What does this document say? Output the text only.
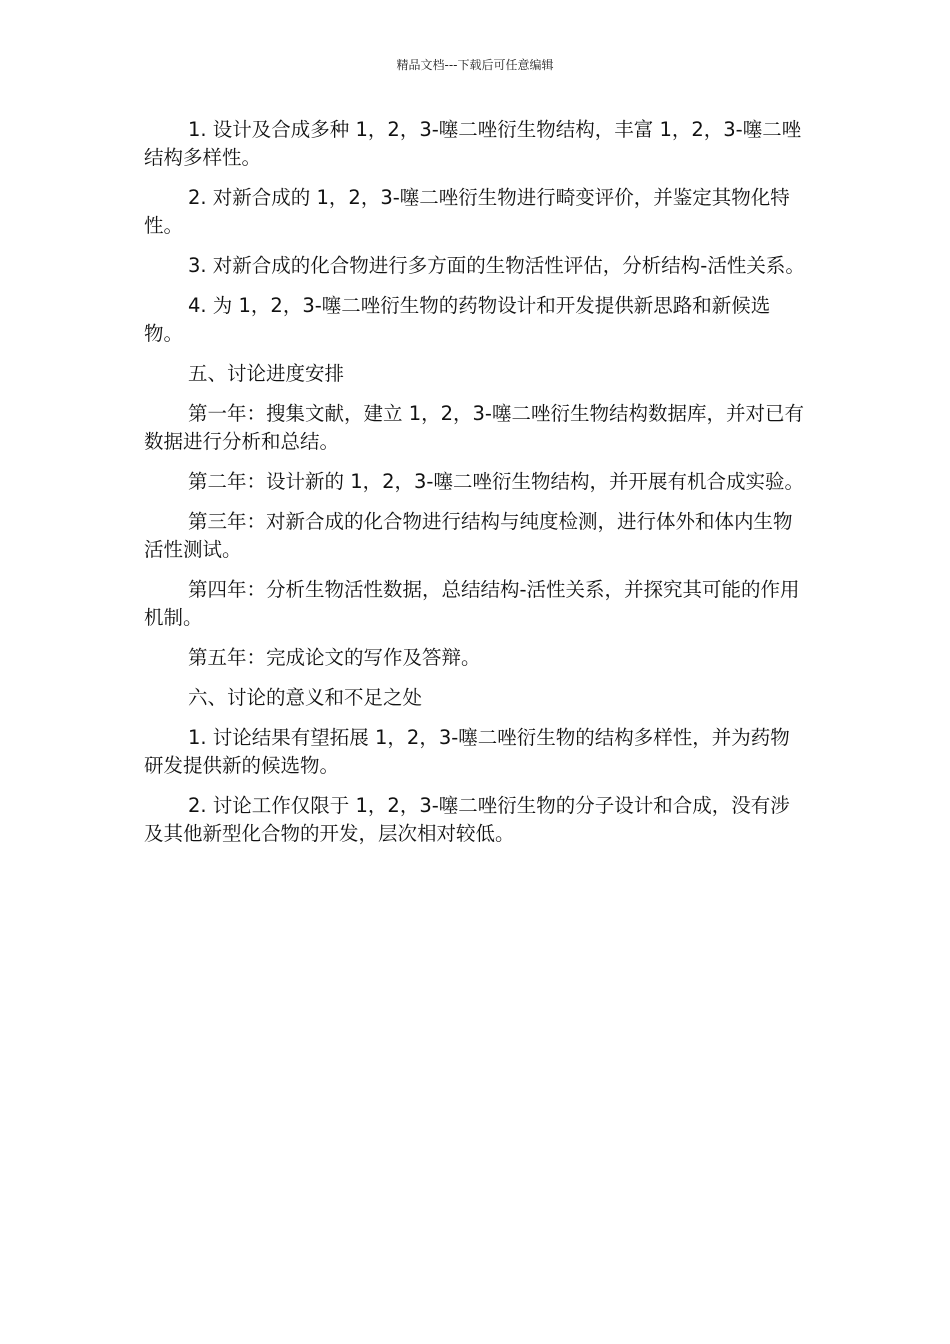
精品文档---下载后可任意编辑

1. 设计及合成多种 1，2，3-噻二唑衍生物结构，丰富 1，2，3-噻二唑结构多样性。

2. 对新合成的 1，2，3-噻二唑衍生物进行畸变评价，并鉴定其物化特性。

3. 对新合成的化合物进行多方面的生物活性评估，分析结构-活性关系。

4. 为 1，2，3-噻二唑衍生物的药物设计和开发提供新思路和新候选物。

五、讨论进度安排

第一年：搜集文献，建立 1，2，3-噻二唑衍生物结构数据库，并对已有数据进行分析和总结。

第二年：设计新的 1，2，3-噻二唑衍生物结构，并开展有机合成实验。

第三年：对新合成的化合物进行结构与纯度检测，进行体外和体内生物活性测试。

第四年：分析生物活性数据，总结结构-活性关系，并探究其可能的作用机制。

第五年：完成论文的写作及答辩。

六、讨论的意义和不足之处

1. 讨论结果有望拓展 1，2，3-噻二唑衍生物的结构多样性，并为药物研发提供新的候选物。

2. 讨论工作仅限于 1，2，3-噻二唑衍生物的分子设计和合成，没有涉及其他新型化合物的开发，层次相对较低。
